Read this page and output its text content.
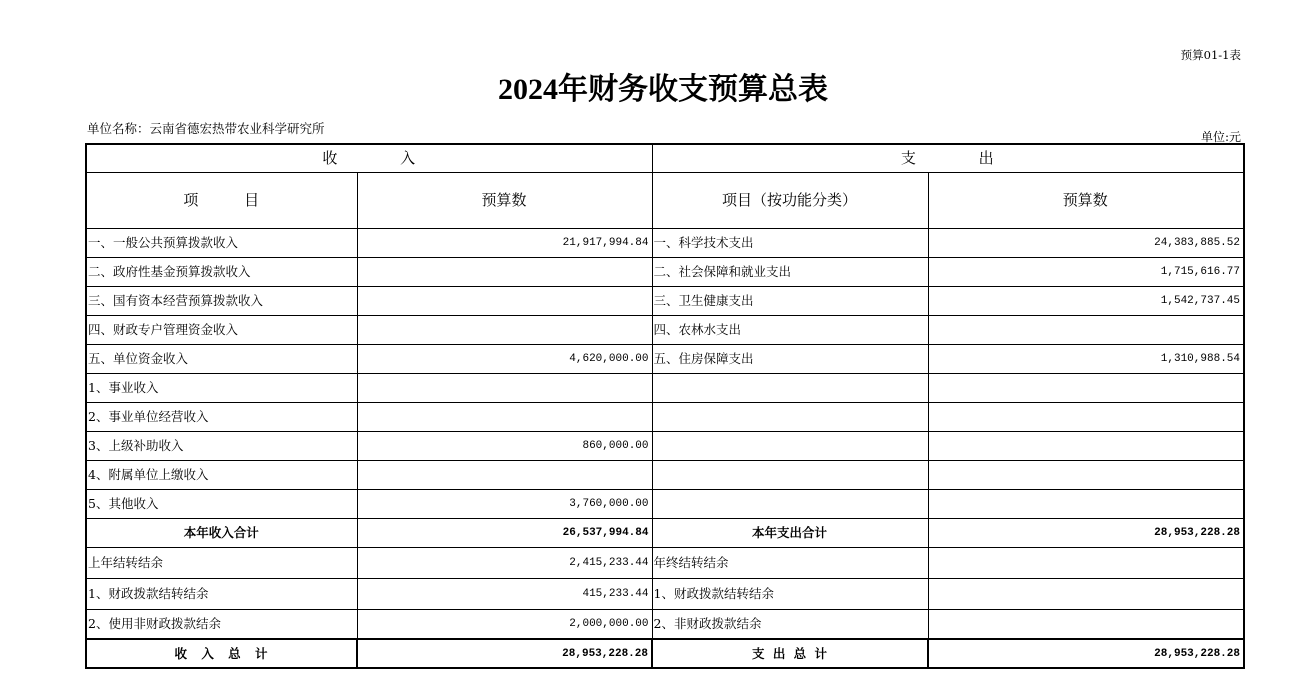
预算01-1表
2024年财务收支预算总表
单位名称：云南省德宏热带农业科学研究所
单位:元
收 入		支 出	
项 目	预算数	项目（按功能分类）	预算数
一、一般公共预算拨款收入	21,917,994.84	一、科学技术支出	24,383,885.52
二、政府性基金预算拨款收入		二、社会保障和就业支出	1,715,616.77
三、国有资本经营预算拨款收入		三、卫生健康支出	1,542,737.45
四、财政专户管理资金收入		四、农林水支出	
五、单位资金收入	4,620,000.00	五、住房保障支出	1,310,988.54
1、事业收入			
2、事业单位经营收入			
3、上级补助收入	860,000.00		
4、附属单位上缴收入			
5、其他收入	3,760,000.00		
本年收入合计	26,537,994.84	本年支出合计	28,953,228.28
上年结转结余	2,415,233.44	年终结转结余	
1、财政拨款结转结余	415,233.44	1、财政拨款结转结余	
2、使用非财政拨款结余	2,000,000.00	2、非财政拨款结余	
收 入 总 计	28,953,228.28	支 出 总 计	28,953,228.28
